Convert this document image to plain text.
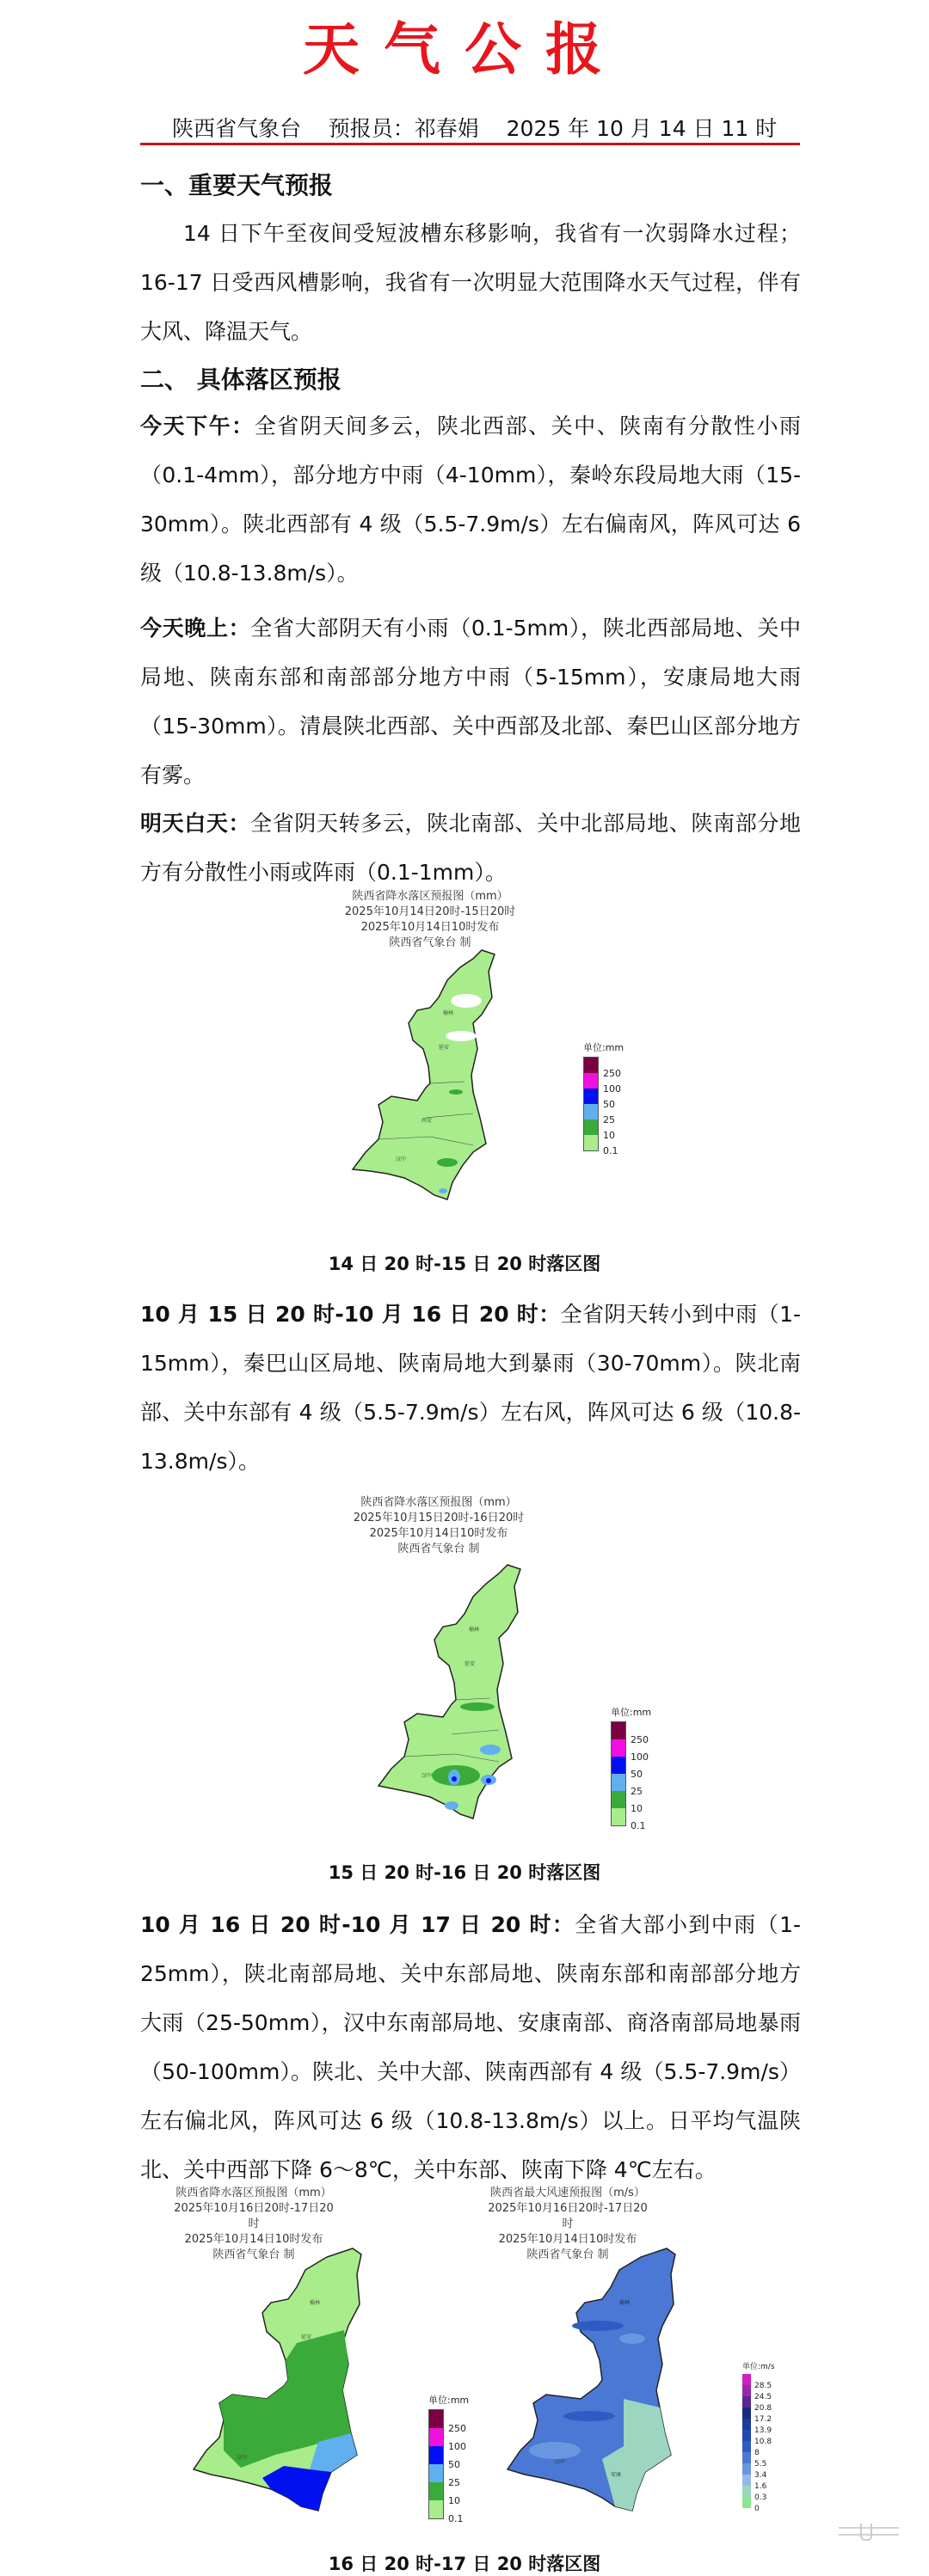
天气公报
陕西省气象台    预报员：祁春娟    2025 年 10 月 14 日 11 时
一、重要天气预报
14 日下午至夜间受短波槽东移影响，我省有一次弱降水过程；16-17 日受西风槽影响，我省有一次明显大范围降水天气过程，伴有大风、降温天气。
二、 具体落区预报
今天下午：全省阴天间多云，陕北西部、关中、陕南有分散性小雨（0.1-4mm），部分地方中雨（4-10mm），秦岭东段局地大雨（15-30mm）。陕北西部有 4 级（5.5-7.9m/s）左右偏南风，阵风可达 6 级（10.8-13.8m/s）。
今天晚上：全省大部阴天有小雨（0.1-5mm），陕北西部局地、关中局地、陕南东部和南部部分地方中雨（5-15mm），安康局地大雨（15-30mm）。清晨陕北西部、关中西部及北部、秦巴山区部分地方有雾。
明天白天：全省阴天转多云，陕北南部、关中北部局地、陕南部分地方有分散性小雨或阵雨（0.1-1mm）。
陕西省降水落区预报图（mm）
2025年10月14日20时-15日20时
2025年10月14日10时发布
陕西省气象台 制
榆林
延安
西安
汉中
单位:mm
250
100
50
25
10
0.1
14 日 20 时-15 日 20 时落区图
10 月 15 日 20 时-10 月 16 日 20 时：全省阴天转小到中雨（1-15mm），秦巴山区局地、陕南局地大到暴雨（30-70mm）。陕北南部、关中东部有 4 级（5.5-7.9m/s）左右风，阵风可达 6 级（10.8-13.8m/s）。
陕西省降水落区预报图（mm）
2025年10月15日20时-16日20时
2025年10月14日10时发布
陕西省气象台 制
榆林
延安
汉中
单位:mm
250
100
50
25
10
0.1
15 日 20 时-16 日 20 时落区图
10 月 16 日 20 时-10 月 17 日 20 时：全省大部小到中雨（1-25mm），陕北南部局地、关中东部局地、陕南东部和南部部分地方大雨（25-50mm），汉中东南部局地、安康南部、商洛南部局地暴雨（50-100mm）。陕北、关中大部、陕南西部有 4 级（5.5-7.9m/s）左右偏北风，阵风可达 6 级（10.8-13.8m/s）以上。日平均气温陕北、关中西部下降 6～8℃，关中东部、陕南下降 4℃左右。
陕西省降水落区预报图（mm）
2025年10月16日20时-17日20时
2025年10月14日10时发布
陕西省气象台 制
榆林
延安
汉中
单位:mm
250
100
50
25
10
0.1
陕西省最大风速预报图（m/s）
2025年10月16日20时-17日20时
2025年10月14日10时发布
陕西省气象台 制
榆林
汉中
安康
单位:m/s
28.5
24.5
20.8
17.2
13.9
10.8
8
5.5
3.4
1.6
0.3
0
16 日 20 时-17 日 20 时落区图
